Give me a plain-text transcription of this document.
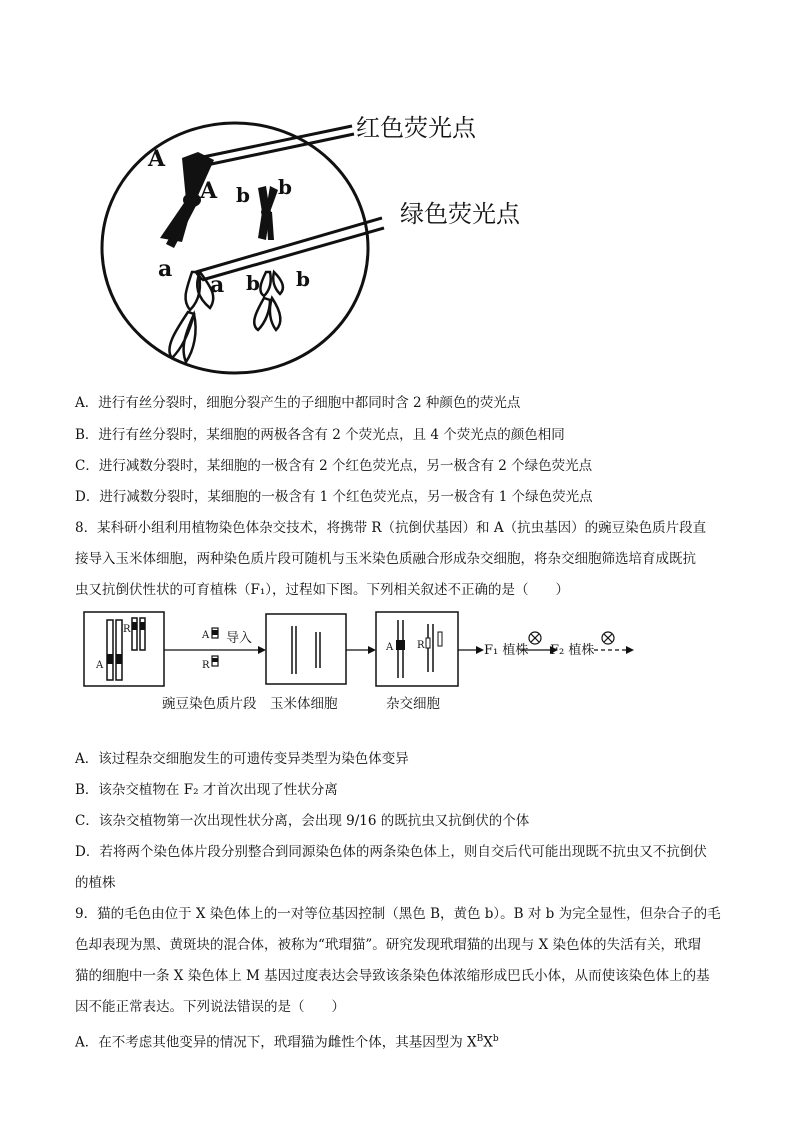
A
A b b
a
a b b
红色荧光点
绿色荧光点
A．进行有丝分裂时，细胞分裂产生的子细胞中都同时含 2 种颜色的荧光点
B．进行有丝分裂时，某细胞的两极各含有 2 个荧光点，且 4 个荧光点的颜色相同
C．进行减数分裂时，某细胞的一极含有 2 个红色荧光点，另一极含有 2 个绿色荧光点
D．进行减数分裂时，某细胞的一极含有 1 个红色荧光点，另一极含有 1 个绿色荧光点
8．某科研小组利用植物染色体杂交技术，将携带 R（抗倒伏基因）和 A（抗虫基因）的豌豆染色质片段直
接导入玉米体细胞，两种染色质片段可随机与玉米染色质融合形成杂交细胞，将杂交细胞筛选培育成既抗
虫又抗倒伏性状的可育植株（F₁），过程如下图。下列相关叙述不正确的是（　　）
A
R
A
R
导入
A R	F₁ 植株 F₂ 植株
豌豆染色质片段 玉米体细胞	杂交细胞
A．该过程杂交细胞发生的可遗传变异类型为染色体变异
B．该杂交植物在 F₂ 才首次出现了性状分离
C．该杂交植物第一次出现性状分离，会出现 9/16 的既抗虫又抗倒伏的个体
D．若将两个染色体片段分别整合到同源染色体的两条染色体上，则自交后代可能出现既不抗虫又不抗倒伏
的植株
9．猫的毛色由位于 X 染色体上的一对等位基因控制（黑色 B，黄色 b）。B 对 b 为完全显性，但杂合子的毛
色却表现为黑、黄斑块的混合体，被称为“玳瑁猫”。研究发现玳瑁猫的出现与 X 染色体的失活有关，玳瑁
猫的细胞中一条 X 染色体上 M 基因过度表达会导致该条染色体浓缩形成巴氏小体，从而使该染色体上的基
因不能正常表达。下列说法错误的是（　　）
A．在不考虑其他变异的情况下，玳瑁猫为雌性个体，其基因型为 $X^BX^b$
